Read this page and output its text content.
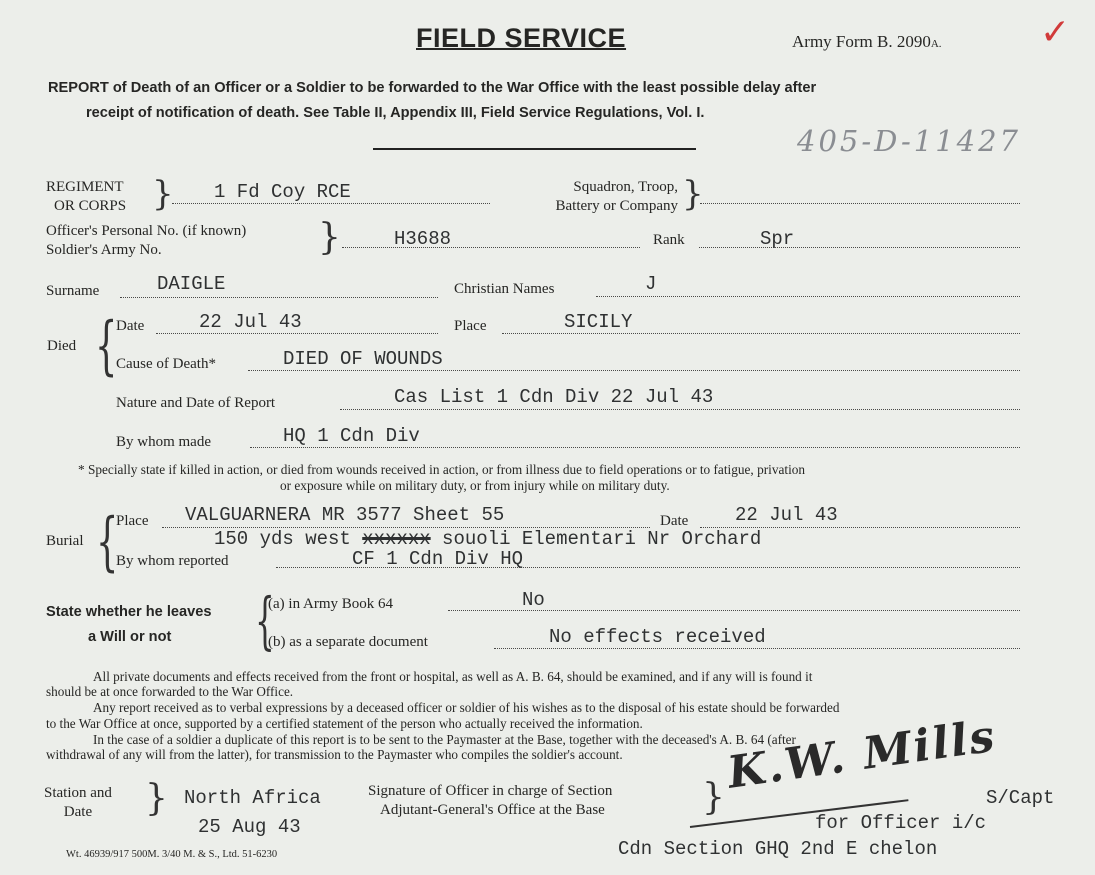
FIELD SERVICE	Army Form B. 2090A.	✓
REPORT of Death of an Officer or a Soldier to be forwarded to the War Office with the least possible delay after
receipt of notification of death. See Table II, Appendix III, Field Service Regulations, Vol. I.
405-D-11427
REGIMENT
OR CORPS } 1 Fd Coy RCE	Squadron, Troop,
Battery or Company }
Officer's Personal No. (if known)
Soldier's Army No.	}	H3688	Rank	Spr
Surname	DAIGLE	Christian Names	J
Died {
Date	22 Jul 43	Place	SICILY
Cause of Death*	DIED OF WOUNDS
Nature and Date of Report	Cas List 1 Cdn Div 22 Jul 43
By whom made	HQ 1 Cdn Div
* Specially state if killed in action, or died from wounds received in action, or from illness due to field operations or to fatigue, privation
or exposure while on military duty, or from injury while on military duty.
Burial {
Place VALGUARNERA MR 3577 Sheet 55	Date 22 Jul 43
150 yds west xxxxxx souoli Elementari Nr Orchard
By whom reported	CF 1 Cdn Div HQ
State whether he leaves
a Will or not {
(a) in Army Book 64	No
(b) as a separate document	No effects received
All private documents and effects received from the front or hospital, as well as A. B. 64, should be examined, and if any will is found it
should be at once forwarded to the War Office.
Any report received as to verbal expressions by a deceased officer or soldier of his wishes as to the disposal of his estate should be forwarded
to the War Office at once, supported by a certified statement of the person who actually received the information.
In the case of a soldier a duplicate of this report is to be sent to the Paymaster at the Base, together with the deceased's A. B. 64 (after
withdrawal of any will from the latter), for transmission to the Paymaster who compiles the soldier's account.
Station and
Date	} North Africa
25 Aug 43
Signature of Officer in charge of Section
Adjutant-General's Office at the Base	} K.W. Mills
S/Capt
for Officer i/c
Cdn Section GHQ 2nd E chelon
Wt. 46939/917 500M. 3/40 M. & S., Ltd. 51-6230
